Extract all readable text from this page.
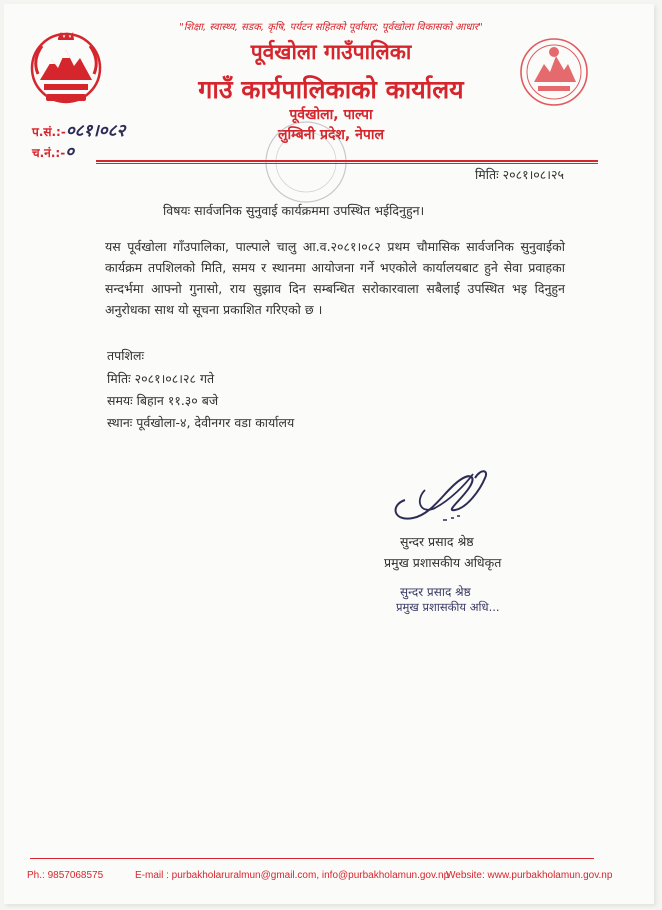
"शिक्षा, स्वास्थ्य, सडक, कृषि, पर्यटन सहितको पूर्वाधार; पूर्वखोला विकासको आधार"
पूर्वखोला गाउँपालिका
गाउँ कार्यपालिकाको कार्यालय
पूर्वखोला, पाल्पा
लुम्बिनी प्रदेश, नेपाल
प.सं.:-०८१।०८२
च.नं.:-०
मितिः २०८१।०८।२५
विषयः सार्वजनिक सुनुवाई कार्यक्रममा उपस्थित भईदिनुहुन।
यस पूर्वखोला गाँउपालिका, पाल्पाले चालु आ.व.२०८१।०८२ प्रथम चौमासिक सार्वजनिक सुनुवाईको कार्यक्रम तपशिलको मिति, समय र स्थानमा आयोजना गर्ने भएकोले कार्यालयबाट हुने सेवा प्रवाहका सन्दर्भमा आफ्नो गुनासो, राय सुझाव दिन सम्बन्धित सरोकारवाला सबैलाई उपस्थित भइ दिनुहुन अनुरोधका साथ यो सूचना प्रकाशित गरिएको छ ।
तपशिलः
मितिः २०८१।०८।२८ गते
समयः बिहान ११.३० बजे
स्थानः पूर्वखोला-४, देवीनगर वडा कार्यालय
सुन्दर प्रसाद श्रेष्ठ
प्रमुख प्रशासकीय अधिकृत
सुन्दर प्रसाद श्रेष्ठ
प्रमुख प्रशासकीय अधि...
Ph.: 9857068575	E-mail : purbakholaruralmun@gmail.com, info@purbakholamun.gov.np
Website: www.purbakholamun.gov.np
